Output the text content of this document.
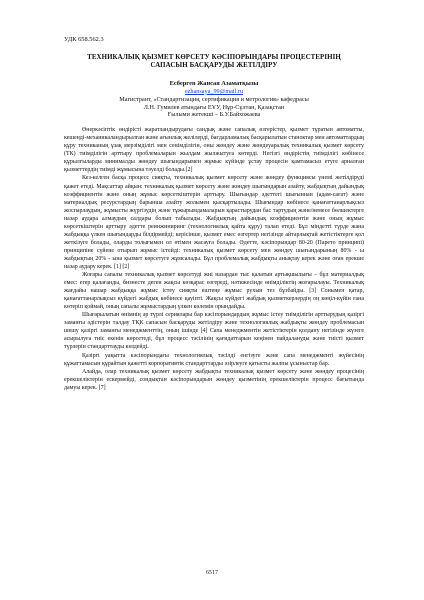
УДК 658.562.3
ТЕХНИКАЛЫҚ ҚЫЗМЕТ КӨРСЕТУ КӘСІПОРЫНДАРЫ ПРОЦЕСТЕРІНІҢ
САПАСЫН БАСҚАРУДЫ ЖЕТІЛДІРУ
Есбергеn Жансая Азаматқызы
ezhansaya_99@mail.ru
Магистрант, «Стандартизация, сертификация и метрология» кафедрасы
Л.Н. Гумилев атындағы ЕҰУ, Нұр-Сұлтан, Қазақстан
Ғылыми жетекші – Б.У.Байхожаева

Өнеркәсіптік өндірісті жаратландырудағы сандық және сапалық өзгерістер, қызмет тұратын автоматты, кешенді-механикаландырылған және ағынлық желілерді, бағдарламалық басқарылатын станоктар мен автоматтардың құру техниканың ұзақ мерзімділігі мен сенімділігін, оны жөндеу және жөндеуаралық техникалық қызмет көрсету (ТК) тиімділігін арттыру проблемаларын жылдам жылжытуға көтерді. Негізгі өндірістің тиімділігі көбінесе құрылғыларды минималды жөндеу шығындарымен жұмыс күйінде ұстау процесін қамтамасыз етуге арналған қызметтердің тиімді жұмысына тәуелді болады.[2]

Кез-келген басқа процесс сияқты, техникалық қызмет көрсету және жөндеу функциясы үнемі жетілдіруді қажет етеді. Мақсаттар айқын: техникалық қызмет көрсету және жөндеу шығындарын азайту, жабдықтың дайындық коэффициентін және оның жұмыс көрсеткіштерін арттыру. Шығындар әдеттегі шығыннан (адам-сағат) және материалдық ресурстардың барынша азайту жолымен қысқартылады. Шығындар көбінесе қанағаттанарлықсыз жоспарлаудың, жұмысты жүргізудің және тұжырымдамаларын қарастырудан бас тартудың және/немесе бөлшектерге назар аудара алмаудың салдары болып табылады. Жабдықтың дайындық коэффициентін және оның жұмыс көрсеткіштерін арттыру әдетте реинжиниринг (технологиялық қайта құру) талап етеді. Бұл міндетті түрде жана жабдыққа үлкен шығындарды білдірмейді; керісінше, қызмет емес өзгертер негізінде айтарлықтай жетістіктерге қол жеткізуге болады, оларды толығымен ол өтімен жасауға болады. Әдетте, кәсіпорындар 80-20 (Парето принципі) принципіне сүйене отырып жұмыс істейді: техникалық қызмет көрсету мен жөндеу шығындарының 80% - ы жабдықтың 20% - ына қызмет көрсетуге жұмсалады. Бұл проблемалық жабдықты анықтау керек және оған ерекше назар аудару керек. [1] [2]

Жоғары сапалы техникалық қызмет көрсетуді жиі назардан тыс қалатын артықшылығы – бұл материалдық емес: егер қалағанды, бизнесте деген жақсы көзқарас өзгереді, нәтижесінде өнімділіктің жоғарылауы. Техникалық жағдайы нашар жабдыққа жұмыс істеу сияқты ештеңе жұмыс рухын тез бұзбайды. [3] Сонымен қатар, қанағаттанарлықсыз күйдегі жабдық көбінесе қауіпті. Жақсы күйдегі жабдық қызметкерлердің оң көңіл-күйін ғана көтеріп қоймай, оның сапалы жұмыстардың үлкен көлемін орындайды.

Шығарылатын өнімнің әр түрлі сериялары бар кәсіпорындардың жұмыс істеу тиімділігін арттырудың қазіргі заманғы әдістерін талдау ТҚК сапасын басқаруды жетілдіру және технологиялық жабдықты жөндеу проблемасын шешу қазіргі заманғы менеджменттің, оның ішінде [4] Сапа менеджментін жетістіктерін қолдану негізінде жүзеге асырылуға тиіс екенін көрсетеді, бұл процесс тәсілінің қағидаттарын кеңінен пайдалануды және тиісті қызмет түрлерін стандарттауды көздейді.

Қазіргі уақытта кәсіпорындағы технологиялық тәсілді енгізуге және сапа менеджменті жүйесінің құжаттамасын құрайтын қажетті корпоративтік стандарттарды әзірлеуге қатысты жалпы ұсыныстар бар.

Алайда, олар техникалық қызмет көрсету жабдықты техникалық қызмет көрсету және жөндеу процесінің ерекшеліктерін ескермейді, сондықтан кәсіпорындарын жөндеу қызметінің ерекшеліктерін процесс бағытында дамуы керек. [7]

6517
